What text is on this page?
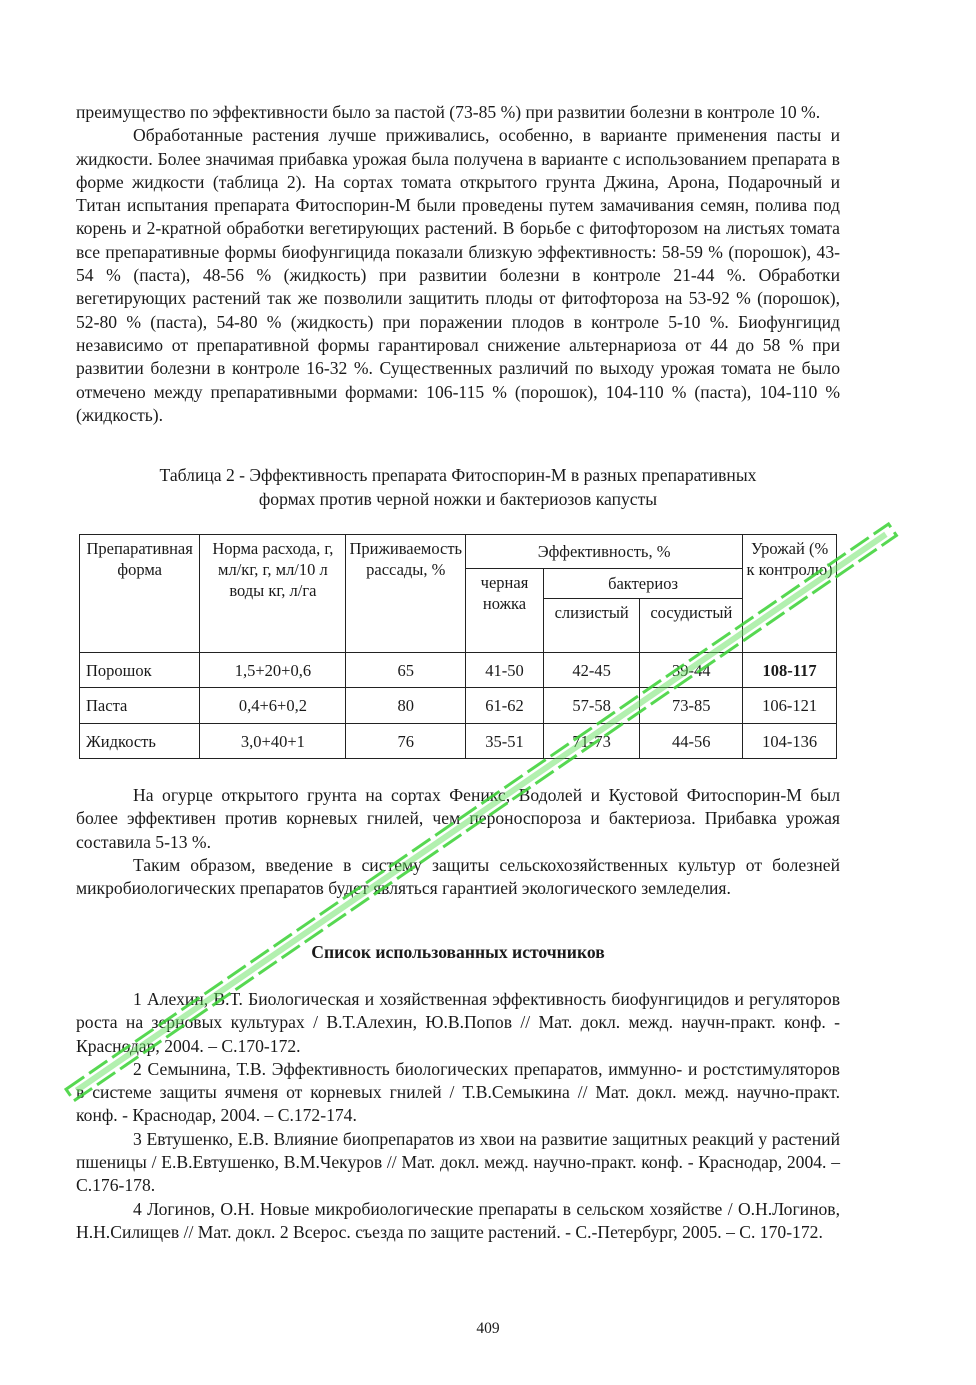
преимущество по эффективности было за пастой (73-85 %) при развитии болезни в контроле 10 %.

Обработанные растения лучше приживались, особенно, в варианте применения пасты и жидкости. Более значимая прибавка урожая была получена в варианте с использованием препарата в форме жидкости (таблица 2). На сортах томата открытого грунта Джина, Арона, Подарочный и Титан испытания препарата Фитоспорин-М были проведены путем замачивания семян, полива под корень и 2-кратной обработки вегетирующих растений. В борьбе с фитофторозом на листьях томата все препаративные формы биофунгицида показали близкую эффективность: 58-59 % (порошок), 43-54 % (паста), 48-56 % (жидкость) при развитии болезни в контроле 21-44 %. Обработки вегетирующих растений так же позволили защитить плоды от фитофтороза на 53-92 % (порошок), 52-80 % (паста), 54-80 % (жидкость) при поражении плодов в контроле 5-10 %. Биофунгицид независимо от препаративной формы гарантировал снижение альтернариоза от 44 до 58 % при развитии болезни в контроле 16-32 %. Существенных различий по выходу урожая томата не было отмечено между препаративными формами: 106-115 % (порошок), 104-110 % (паста), 104-110 % (жидкость).

Таблица 2 - Эффективность препарата Фитоспорин-М в разных препаративных
формах против черной ножки и бактериозов капусты
Препаративная форма	Норма расхода, г, мл/кг, г, мл/10 л воды кг, л/га	Приживаемость рассады, %	Эффективность, %			Урожай (% к контролю)
			черная ножка	бактериоз		
				слизистый	сосудистый	
Порошок	1,5+20+0,6	65	41-50	42-45	39-44	108-117
Паста	0,4+6+0,2	80	61-62	57-58	73-85	106-121
Жидкость	3,0+40+1	76	35-51	71-73	44-56	104-136

На огурце открытого грунта на сортах Феникс, Водолей и Кустовой Фитоспорин-М был более эффективен против корневых гнилей, чем пероноспороза и бактериоза. Прибавка урожая составила 5-13 %.

Таким образом, введение в систему защиты сельскохозяйственных культур от болезней микробиологических препаратов будет являться гарантией экологического земледелия.

Список использованных источников

1 Алехин, В.Т. Биологическая и хозяйственная эффективность биофунгицидов и регуляторов роста на зерновых культурах / В.Т.Алехин, Ю.В.Попов // Мат. докл. межд. научн-практ. конф. - Краснодар, 2004. – С.170-172.

2 Семынина, Т.В. Эффективность биологических препаратов, иммунно- и ростстимуляторов в системе защиты ячменя от корневых гнилей / Т.В.Семыкина // Мат. докл. межд. научно-практ. конф. - Краснодар, 2004. – С.172-174.

3 Евтушенко, Е.В. Влияние биопрепаратов из хвои на развитие защитных реакций у растений пшеницы / Е.В.Евтушенко, В.М.Чекуров // Мат. докл. межд. научно-практ. конф. - Краснодар, 2004. – С.176-178.

4 Логинов, О.Н. Новые микробиологические препараты в сельском хозяйстве / О.Н.Логинов, Н.Н.Силищев // Мат. докл. 2 Всерос. съезда по защите растений. - С.-Петербург, 2005. – С. 170-172.

409
